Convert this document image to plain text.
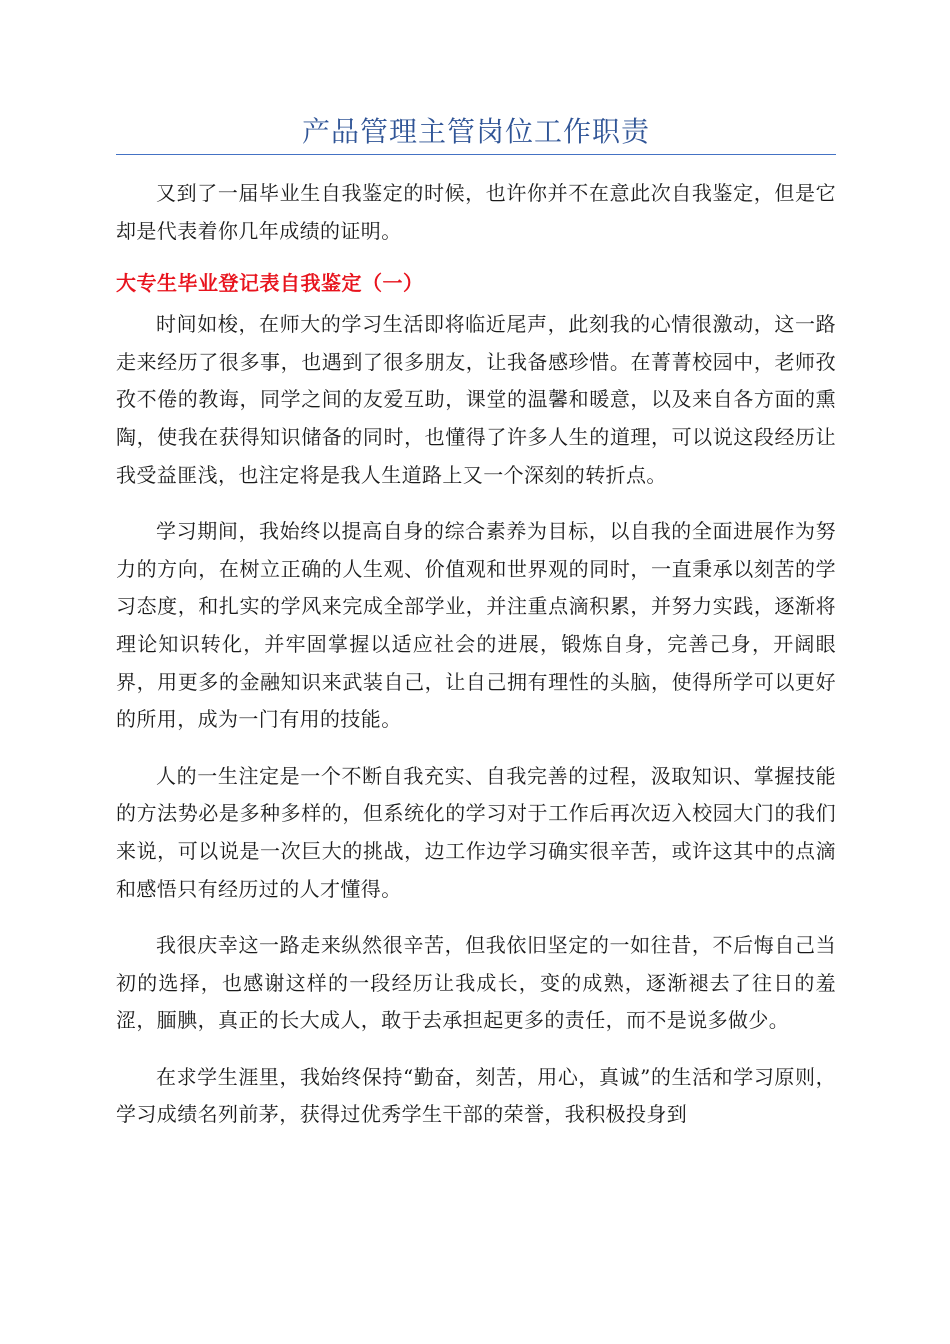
产品管理主管岗位工作职责

又到了一届毕业生自我鉴定的时候，也许你并不在意此次自我鉴定，但是它却是代表着你几年成绩的证明。

大专生毕业登记表自我鉴定（一）

时间如梭，在师大的学习生活即将临近尾声，此刻我的心情很激动，这一路走来经历了很多事，也遇到了很多朋友，让我备感珍惜。在菁菁校园中，老师孜孜不倦的教诲，同学之间的友爱互助，课堂的温馨和暖意，以及来自各方面的熏陶，使我在获得知识储备的同时，也懂得了许多人生的道理，可以说这段经历让我受益匪浅，也注定将是我人生道路上又一个深刻的转折点。

学习期间，我始终以提高自身的综合素养为目标，以自我的全面进展作为努力的方向，在树立正确的人生观、价值观和世界观的同时，一直秉承以刻苦的学习态度，和扎实的学风来完成全部学业，并注重点滴积累，并努力实践，逐渐将理论知识转化，并牢固掌握以适应社会的进展，锻炼自身，完善己身，开阔眼界，用更多的金融知识来武装自己，让自己拥有理性的头脑，使得所学可以更好的所用，成为一门有用的技能。

人的一生注定是一个不断自我充实、自我完善的过程，汲取知识、掌握技能的方法势必是多种多样的，但系统化的学习对于工作后再次迈入校园大门的我们来说，可以说是一次巨大的挑战，边工作边学习确实很辛苦，或许这其中的点滴和感悟只有经历过的人才懂得。

我很庆幸这一路走来纵然很辛苦，但我依旧坚定的一如往昔，不后悔自己当初的选择，也感谢这样的一段经历让我成长，变的成熟，逐渐褪去了往日的羞涩，腼腆，真正的长大成人，敢于去承担起更多的责任，而不是说多做少。

在求学生涯里，我始终保持“勤奋，刻苦，用心，真诚”的生活和学习原则，学习成绩名列前茅，获得过优秀学生干部的荣誉，我积极投身到
